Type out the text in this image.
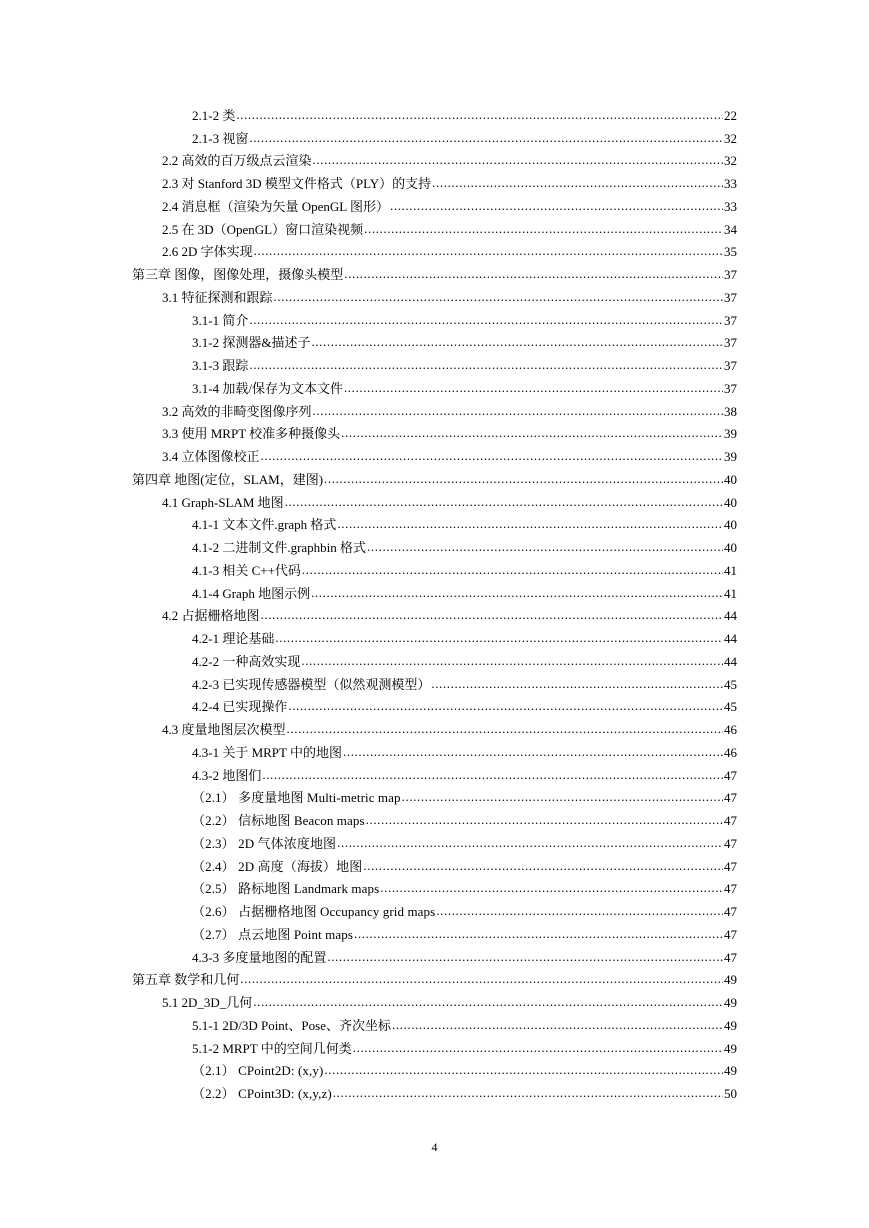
2.1-2 类 .....	22
2.1-3 视窗 .....	32
2.2 高效的百万级点云渲染 .....	32
2.3 对 Stanford 3D 模型文件格式（PLY）的支持 .....	33
2.4 消息框（渲染为矢量 OpenGL 图形） .....	33
2.5 在 3D（OpenGL）窗口渲染视频 .....	34
2.6 2D 字体实现 .....	35
第三章 图像，图像处理，摄像头模型 .....	37
3.1 特征探测和跟踪 .....	37
3.1-1 简介 .....	37
3.1-2 探测器&描述子 .....	37
3.1-3 跟踪 .....	37
3.1-4 加载/保存为文本文件 .....	37
3.2 高效的非畸变图像序列 .....	38
3.3 使用 MRPT 校准多种摄像头 .....	39
3.4 立体图像校正 .....	39
第四章 地图(定位，SLAM，建图) .....	40
4.1 Graph-SLAM 地图 .....	40
4.1-1 文本文件.graph 格式 .....	40
4.1-2 二进制文件.graphbin 格式 .....	40
4.1-3 相关 C++代码 .....	41
4.1-4 Graph 地图示例 .....	41
4.2 占据栅格地图 .....	44
4.2-1 理论基础 .....	44
4.2-2 一种高效实现 .....	44
4.2-3 已实现传感器模型（似然观测模型） .....	45
4.2-4 已实现操作 .....	45
4.3 度量地图层次模型 .....	46
4.3-1 关于 MRPT 中的地图 .....	46
4.3-2 地图们 .....	47
（2.1） 多度量地图 Multi-metric map .....	47
（2.2） 信标地图 Beacon maps .....	47
（2.3） 2D 气体浓度地图 .....	47
（2.4） 2D 高度（海拔）地图 .....	47
（2.5） 路标地图 Landmark maps .....	47
（2.6） 占据栅格地图 Occupancy grid maps .....	47
（2.7） 点云地图 Point maps .....	47
4.3-3 多度量地图的配置 .....	47
第五章 数学和几何 .....	49
5.1 2D_3D_几何 .....	49
5.1-1 2D/3D Point、Pose、齐次坐标 .....	49
5.1-2 MRPT 中的空间几何类 .....	49
（2.1） CPoint2D: (x,y) .....	49
（2.2） CPoint3D: (x,y,z) .....	50
4
